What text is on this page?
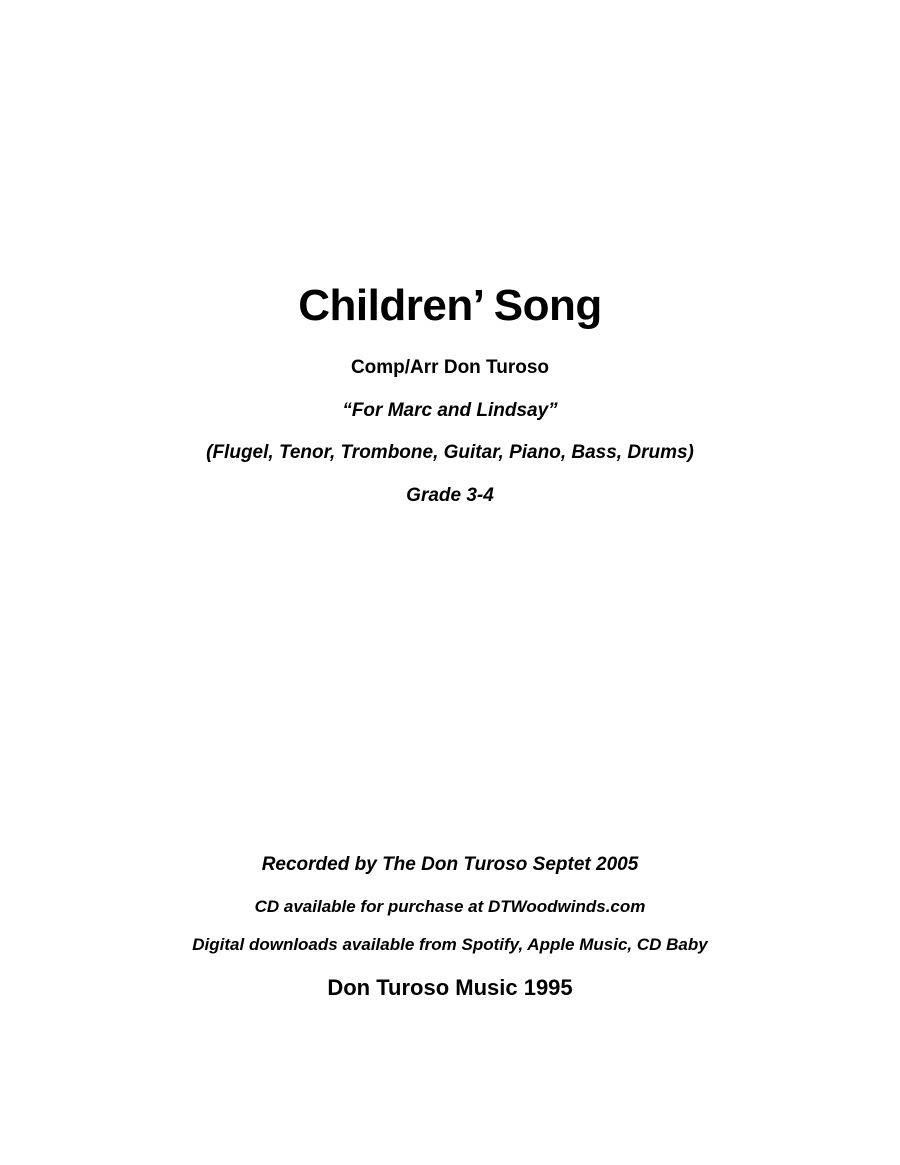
Children’ Song

Comp/Arr Don Turoso

“For Marc and Lindsay”

(Flugel, Tenor, Trombone, Guitar, Piano, Bass, Drums)

Grade 3-4

Recorded by The Don Turoso Septet 2005

CD available for purchase at DTWoodwinds.com

Digital downloads available from Spotify, Apple Music, CD Baby

Don Turoso Music 1995
